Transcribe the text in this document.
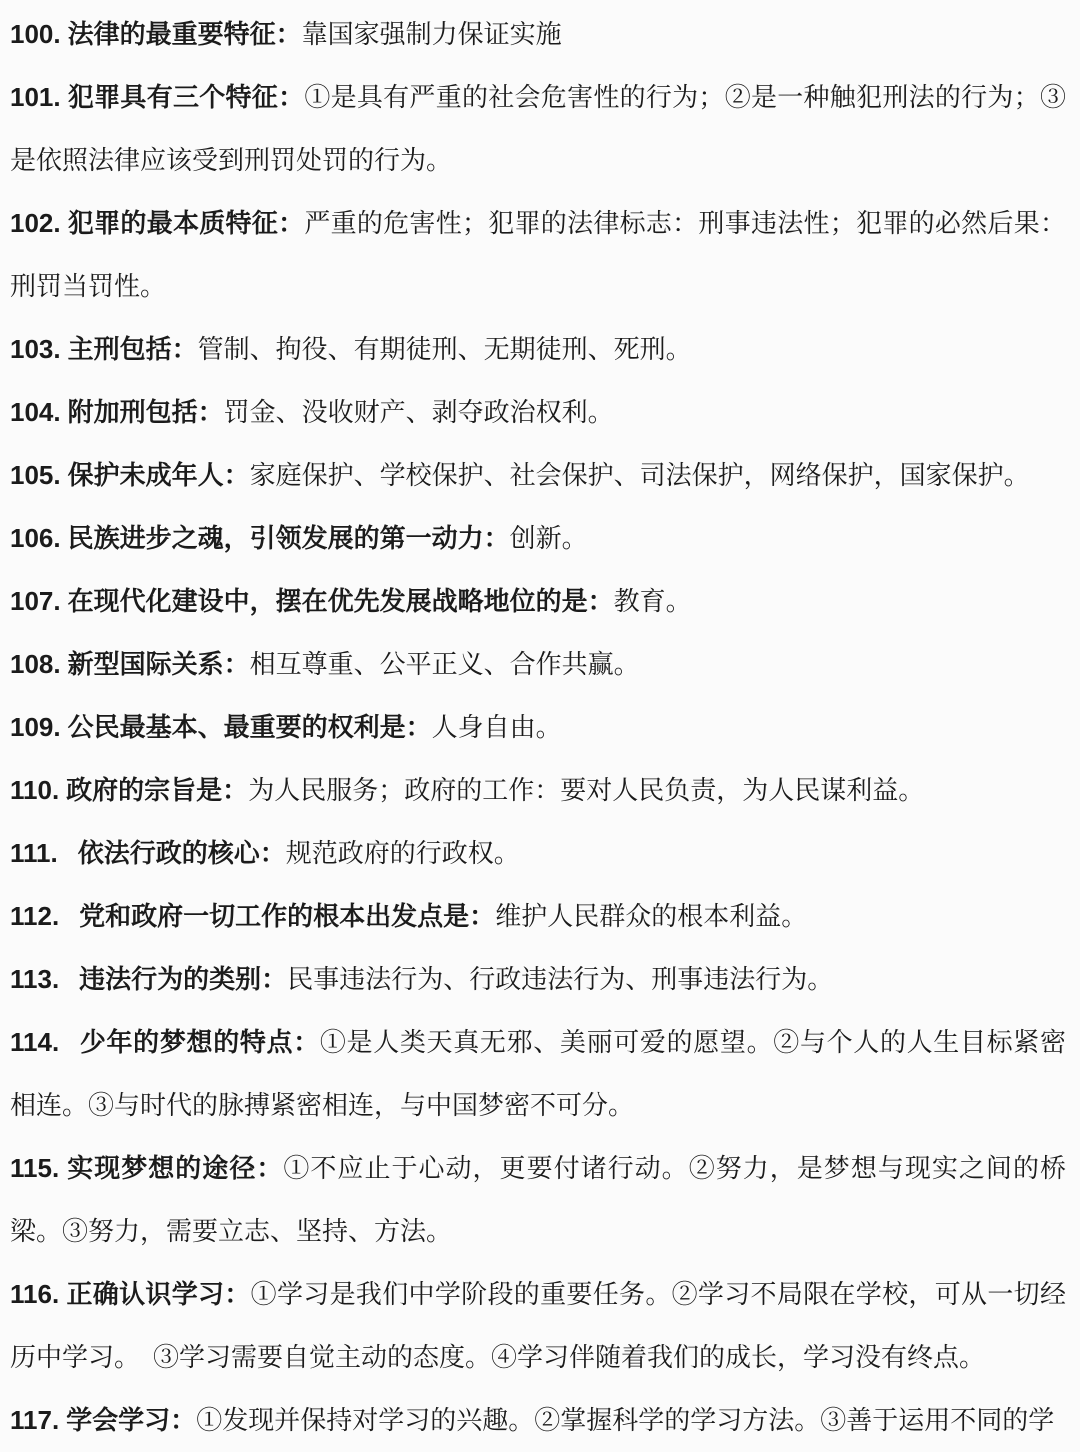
100. 法律的最重要特征：靠国家强制力保证实施

101. 犯罪具有三个特征：①是具有严重的社会危害性的行为；②是一种触犯刑法的行为；③是依照法律应该受到刑罚处罚的行为。

102. 犯罪的最本质特征：严重的危害性；犯罪的法律标志：刑事违法性；犯罪的必然后果：刑罚当罚性。

103. 主刑包括：管制、拘役、有期徒刑、无期徒刑、死刑。

104. 附加刑包括：罚金、没收财产、剥夺政治权利。

105. 保护未成年人：家庭保护、学校保护、社会保护、司法保护，网络保护，国家保护。

106. 民族进步之魂，引领发展的第一动力：创新。

107. 在现代化建设中，摆在优先发展战略地位的是：教育。

108. 新型国际关系：相互尊重、公平正义、合作共赢。

109. 公民最基本、最重要的权利是：人身自由。

110. 政府的宗旨是：为人民服务；政府的工作：要对人民负责，为人民谋利益。

111. 依法行政的核心：规范政府的行政权。

112. 党和政府一切工作的根本出发点是：维护人民群众的根本利益。

113. 违法行为的类别：民事违法行为、行政违法行为、刑事违法行为。

114. 少年的梦想的特点：①是人类天真无邪、美丽可爱的愿望。②与个人的人生目标紧密相连。③与时代的脉搏紧密相连，与中国梦密不可分。

115. 实现梦想的途径：①不应止于心动，更要付诸行动。②努力，是梦想与现实之间的桥梁。③努力，需要立志、坚持、方法。

116. 正确认识学习：①学习是我们中学阶段的重要任务。②学习不局限在学校，可从一切经历中学习。　③学习需要自觉主动的态度。④学习伴随着我们的成长，学习没有终点。

117. 学会学习：①发现并保持对学习的兴趣。②掌握科学的学习方法。③善于运用不同的学
